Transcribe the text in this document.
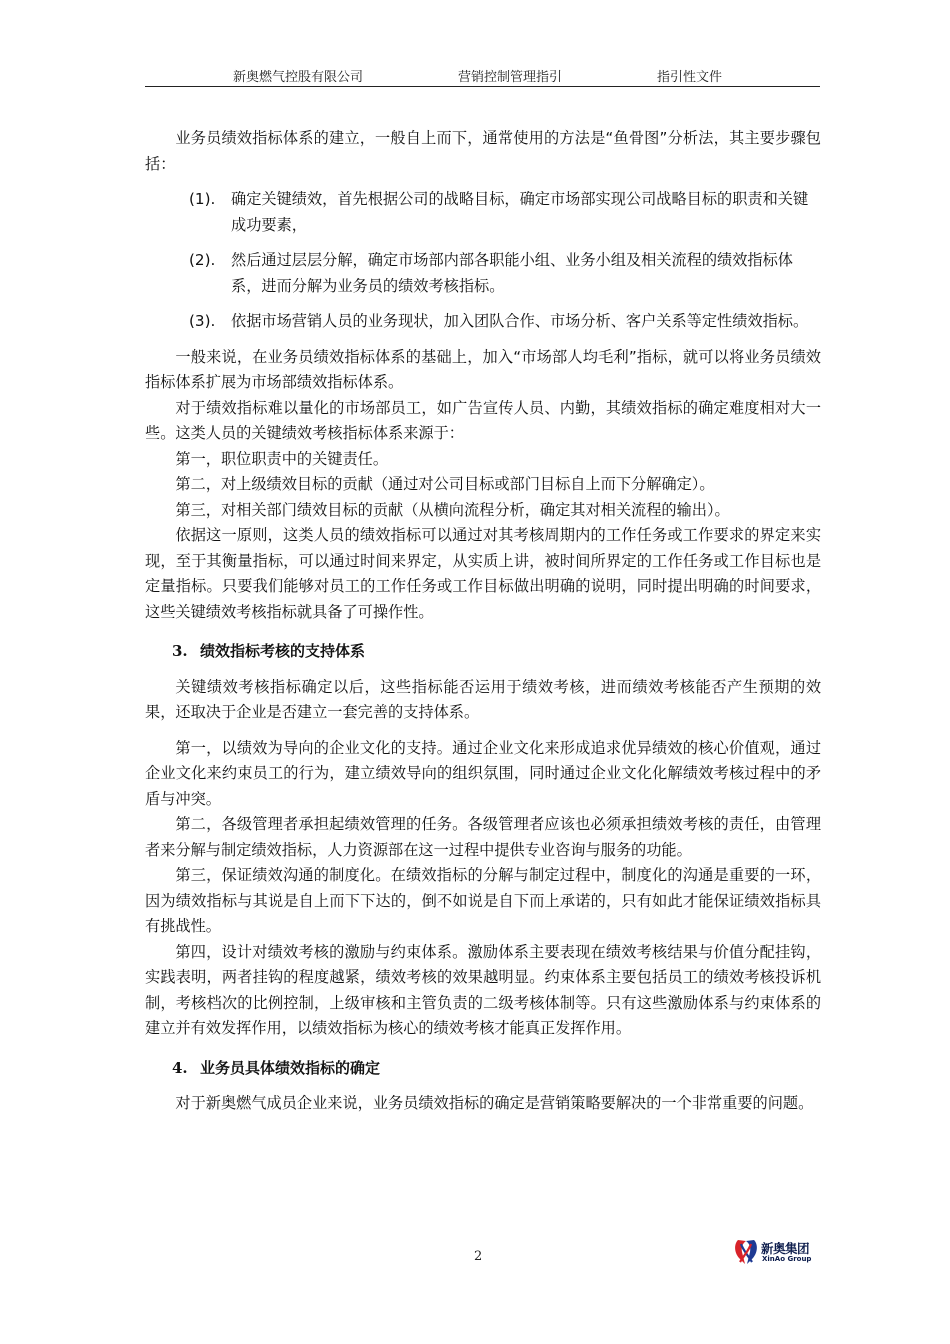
新奥燃气控股有限公司	营销控制管理指引	指引性文件

业务员绩效指标体系的建立，一般自上而下，通常使用的方法是“鱼骨图”分析法，其主要步骤包括：

(1). 确定关键绩效，首先根据公司的战略目标，确定市场部实现公司战略目标的职责和关键成功要素，
(2). 然后通过层层分解，确定市场部内部各职能小组、业务小组及相关流程的绩效指标体系，进而分解为业务员的绩效考核指标。
(3). 依据市场营销人员的业务现状，加入团队合作、市场分析、客户关系等定性绩效指标。

一般来说，在业务员绩效指标体系的基础上，加入“市场部人均毛利”指标，就可以将业务员绩效指标体系扩展为市场部绩效指标体系。

对于绩效指标难以量化的市场部员工，如广告宣传人员、内勤，其绩效指标的确定难度相对大一些。这类人员的关键绩效考核指标体系来源于：

第一，职位职责中的关键责任。

第二，对上级绩效目标的贡献（通过对公司目标或部门目标自上而下分解确定）。

第三，对相关部门绩效目标的贡献（从横向流程分析，确定其对相关流程的输出）。

依据这一原则，这类人员的绩效指标可以通过对其考核周期内的工作任务或工作要求的界定来实现，至于其衡量指标，可以通过时间来界定，从实质上讲，被时间所界定的工作任务或工作目标也是定量指标。只要我们能够对员工的工作任务或工作目标做出明确的说明，同时提出明确的时间要求，这些关键绩效考核指标就具备了可操作性。

3. 绩效指标考核的支持体系

关键绩效考核指标确定以后，这些指标能否运用于绩效考核，进而绩效考核能否产生预期的效果，还取决于企业是否建立一套完善的支持体系。

第一，以绩效为导向的企业文化的支持。通过企业文化来形成追求优异绩效的核心价值观，通过企业文化来约束员工的行为，建立绩效导向的组织氛围，同时通过企业文化化解绩效考核过程中的矛盾与冲突。

第二，各级管理者承担起绩效管理的任务。各级管理者应该也必须承担绩效考核的责任，由管理者来分解与制定绩效指标，人力资源部在这一过程中提供专业咨询与服务的功能。

第三，保证绩效沟通的制度化。在绩效指标的分解与制定过程中，制度化的沟通是重要的一环，因为绩效指标与其说是自上而下下达的，倒不如说是自下而上承诺的，只有如此才能保证绩效指标具有挑战性。

第四，设计对绩效考核的激励与约束体系。激励体系主要表现在绩效考核结果与价值分配挂钩，实践表明，两者挂钩的程度越紧，绩效考核的效果越明显。约束体系主要包括员工的绩效考核投诉机制，考核档次的比例控制，上级审核和主管负责的二级考核体制等。只有这些激励体系与约束体系的建立并有效发挥作用，以绩效指标为核心的绩效考核才能真正发挥作用。

4. 业务员具体绩效指标的确定

对于新奥燃气成员企业来说，业务员绩效指标的确定是营销策略要解决的一个非常重要的问题。

2
新奥集团
XinAo Group
